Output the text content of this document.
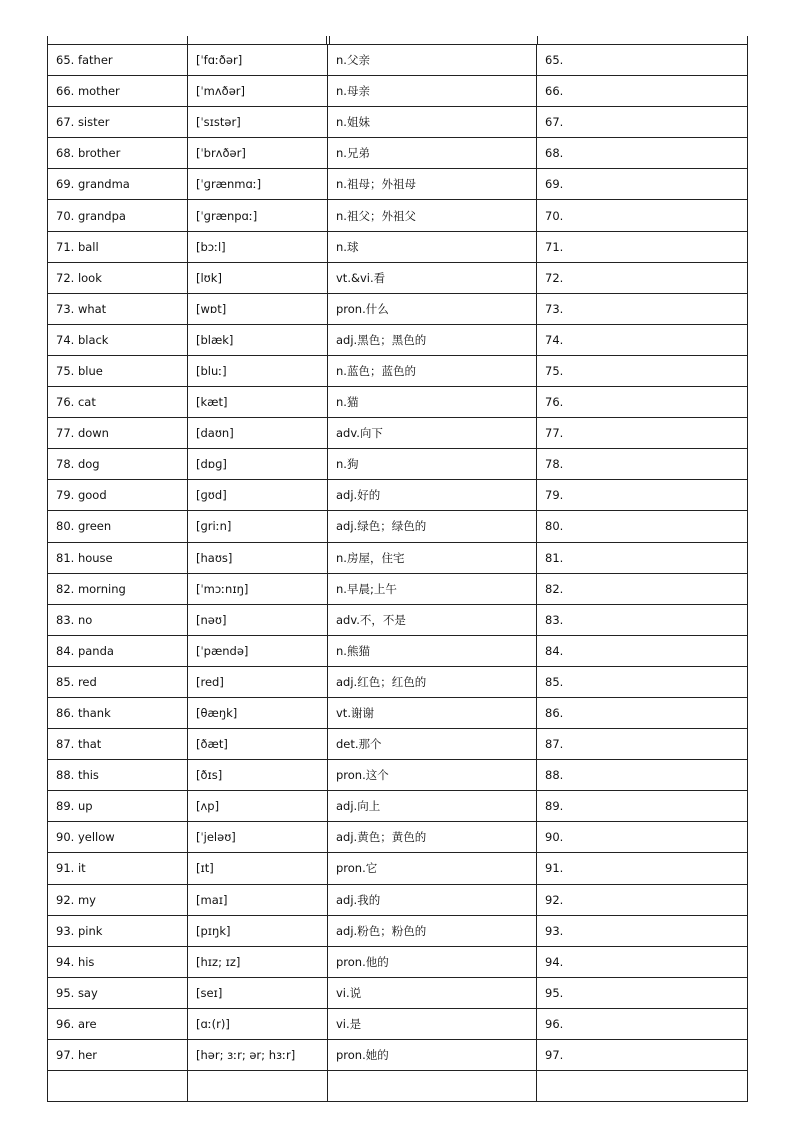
65. father	[ˈfɑːðər]	n.父亲	65.
66. mother	[ˈmʌðər]	n.母亲	66.
67. sister	[ˈsɪstər]	n.姐妹	67.
68. brother	[ˈbrʌðər]	n.兄弟	68.
69. grandma	[ˈɡrænmɑː]	n.祖母；外祖母	69.
70. grandpa	[ˈɡrænpɑː]	n.祖父；外祖父	70.
71. ball	[bɔːl]	n.球	71.
72. look	[lʊk]	vt.&vi.看	72.
73. what	[wɒt]	pron.什么	73.
74. black	[blæk]	adj.黑色；黑色的	74.
75. blue	[bluː]	n.蓝色；蓝色的	75.
76. cat	[kæt]	n.猫	76.
77. down	[daʊn]	adv.向下	77.
78. dog	[dɒɡ]	n.狗	78.
79. good	[ɡʊd]	adj.好的	79.
80. green	[ɡriːn]	adj.绿色；绿色的	80.
81. house	[haʊs]	n.房屋，住宅	81.
82. morning	[ˈmɔːnɪŋ]	n.早晨;上午	82.
83. no	[nəʊ]	adv.不，不是	83.
84. panda	[ˈpændə]	n.熊猫	84.
85. red	[red]	adj.红色；红色的	85.
86. thank	[θæŋk]	vt.谢谢	86.
87. that	[ðæt]	det.那个	87.
88. this	[ðɪs]	pron.这个	88.
89. up	[ʌp]	adj.向上	89.
90. yellow	[ˈjeləʊ]	adj.黄色；黄色的	90.
91. it	[ɪt]	pron.它	91.
92. my	[maɪ]	adj.我的	92.
93. pink	[pɪŋk]	adj.粉色；粉色的	93.
94. his	[hɪz; ɪz]	pron.他的	94.
95. say	[seɪ]	vi.说	95.
96. are	[ɑː(r)]	vi.是	96.
97. her	[hər; ɜːr; ər; hɜːr]	pron.她的	97.
